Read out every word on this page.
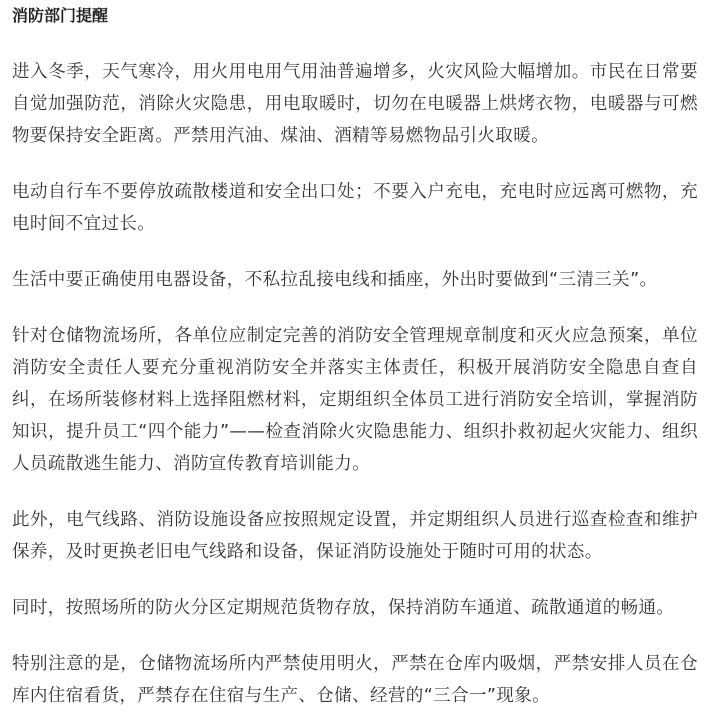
消防部门提醒

进入冬季，天气寒冷，用火用电用气用油普遍增多，火灾风险大幅增加。市民在日常要自觉加强防范，消除火灾隐患，用电取暖时，切勿在电暖器上烘烤衣物，电暖器与可燃物要保持安全距离。严禁用汽油、煤油、酒精等易燃物品引火取暖。

电动自行车不要停放疏散楼道和安全出口处；不要入户充电，充电时应远离可燃物，充电时间不宜过长。

生活中要正确使用电器设备，不私拉乱接电线和插座，外出时要做到“三清三关”。

针对仓储物流场所，各单位应制定完善的消防安全管理规章制度和灭火应急预案，单位消防安全责任人要充分重视消防安全并落实主体责任，积极开展消防安全隐患自查自纠，在场所装修材料上选择阻燃材料，定期组织全体员工进行消防安全培训，掌握消防知识，提升员工“四个能力”——检查消除火灾隐患能力、组织扑救初起火灾能力、组织人员疏散逃生能力、消防宣传教育培训能力。

此外，电气线路、消防设施设备应按照规定设置，并定期组织人员进行巡查检查和维护保养，及时更换老旧电气线路和设备，保证消防设施处于随时可用的状态。

同时，按照场所的防火分区定期规范货物存放，保持消防车通道、疏散通道的畅通。

特别注意的是，仓储物流场所内严禁使用明火，严禁在仓库内吸烟，严禁安排人员在仓库内住宿看货，严禁存在住宿与生产、仓储、经营的“三合一”现象。
